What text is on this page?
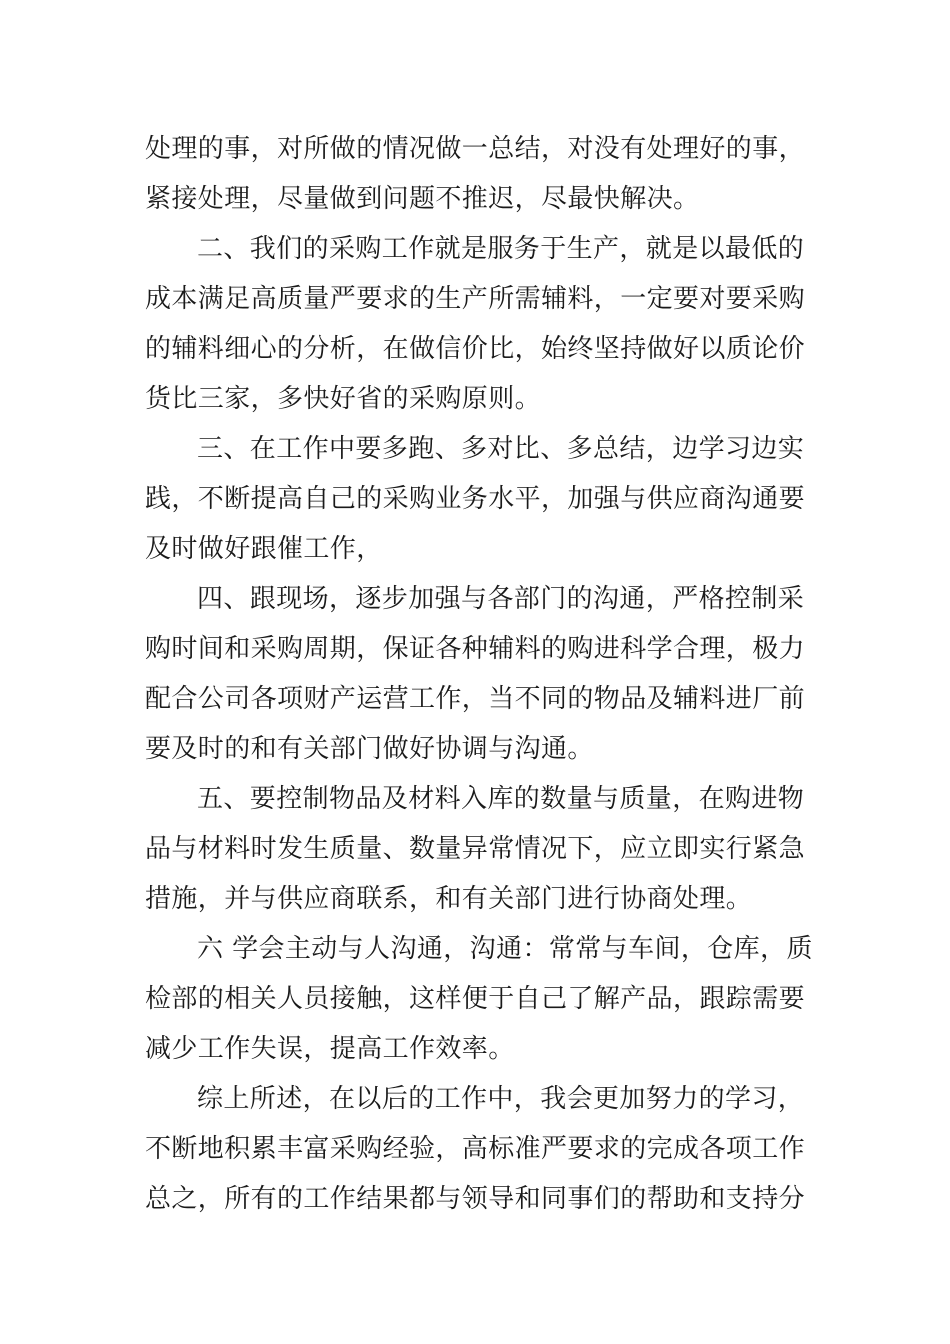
处理的事，对所做的情况做一总结，对没有处理好的事，
紧接处理，尽量做到问题不推迟，尽最快解决。
二、我们的采购工作就是服务于生产，就是以最低的
成本满足高质量严要求的生产所需辅料，一定要对要采购
的辅料细心的分析，在做信价比，始终坚持做好以质论价
货比三家，多快好省的采购原则。
三、在工作中要多跑、多对比、多总结，边学习边实
践，不断提高自己的采购业务水平，加强与供应商沟通要
及时做好跟催工作，
四、跟现场，逐步加强与各部门的沟通，严格控制采
购时间和采购周期，保证各种辅料的购进科学合理，极力
配合公司各项财产运营工作，当不同的物品及辅料进厂前
要及时的和有关部门做好协调与沟通。
五、要控制物品及材料入库的数量与质量，在购进物
品与材料时发生质量、数量异常情况下，应立即实行紧急
措施，并与供应商联系，和有关部门进行协商处理。
六 学会主动与人沟通，沟通：常常与车间，仓库，质
检部的相关人员接触，这样便于自己了解产品，跟踪需要
减少工作失误，提高工作效率。
综上所述，在以后的工作中，我会更加努力的学习，
不断地积累丰富采购经验，高标准严要求的完成各项工作
总之，所有的工作结果都与领导和同事们的帮助和支持分
